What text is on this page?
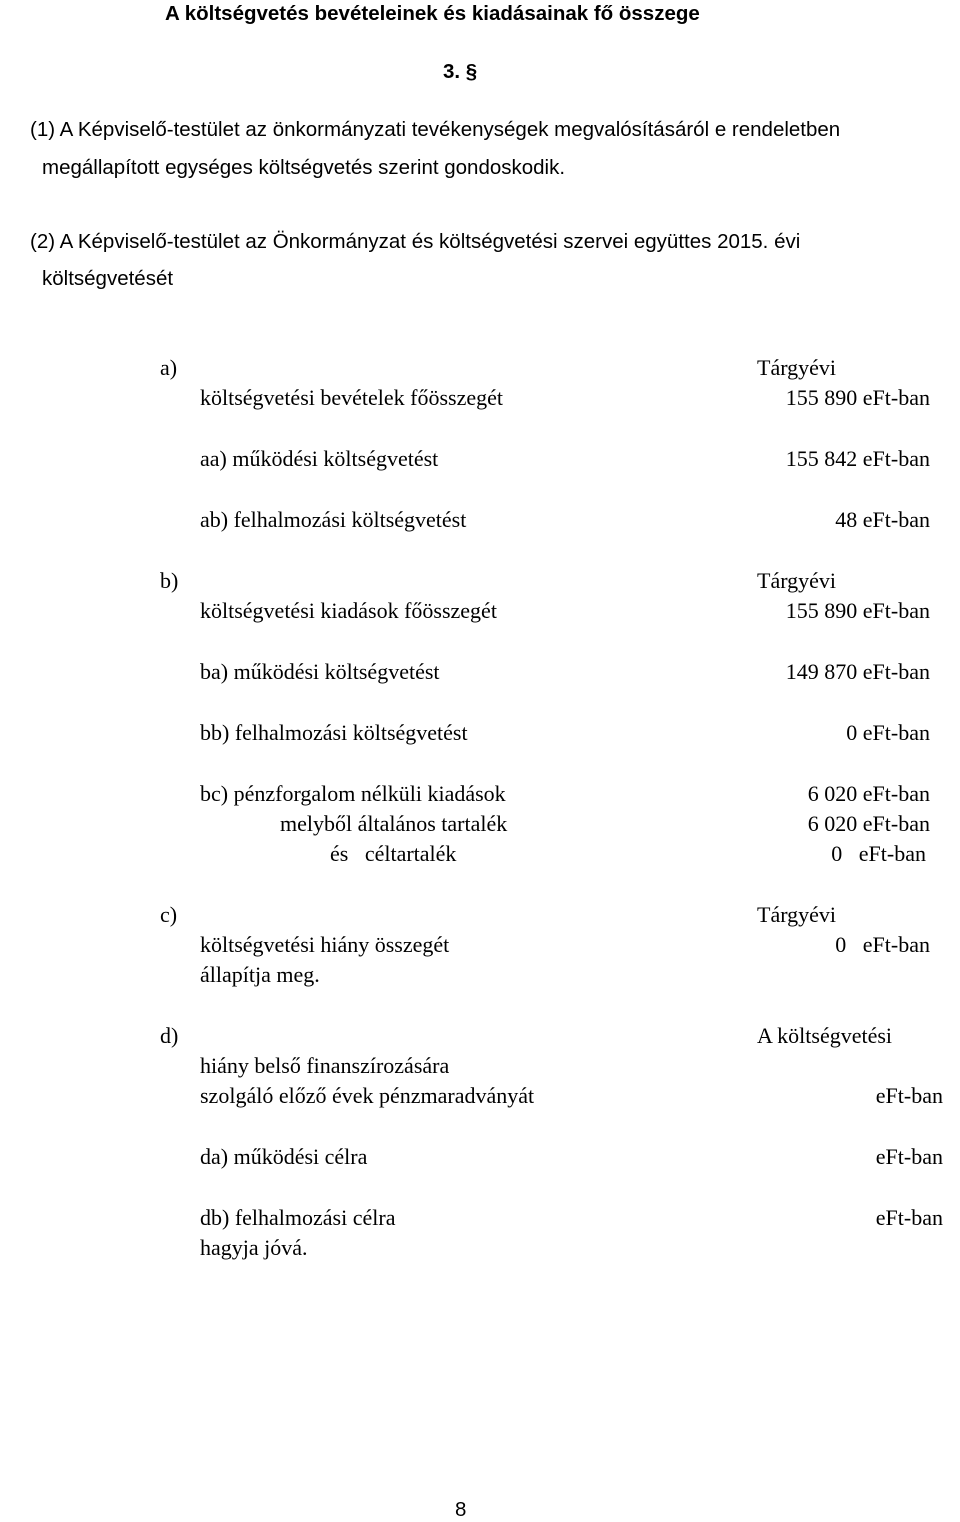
A költségvetés bevételeinek és kiadásainak fő összege
3. §
(1) A Képviselő-testület az önkormányzati tevékenységek megvalósításáról e rendeletben
megállapított egységes költségvetés szerint gondoskodik.
(2) A Képviselő-testület az Önkormányzat és költségvetési szervei együttes 2015. évi
költségvetését
a)	Tárgyévi
költségvetési bevételek főösszegét	155 890 eFt-ban
aa) működési költségvetést	155 842 eFt-ban
ab) felhalmozási költségvetést	48 eFt-ban
b)	Tárgyévi
költségvetési kiadások főösszegét	155 890 eFt-ban
ba) működési költségvetést	149 870 eFt-ban
bb) felhalmozási költségvetést	0 eFt-ban
bc) pénzforgalom nélküli kiadások	6 020 eFt-ban
melyből általános tartalék	6 020 eFt-ban
és   céltartalék	0   eFt-ban
c)	Tárgyévi
költségvetési hiány összegét	0   eFt-ban
állapítja meg.
d)	A költségvetési
hiány belső finanszírozására
szolgáló előző évek pénzmaradványát	eFt-ban
da) működési célra	eFt-ban
db) felhalmozási célra	eFt-ban
hagyja jóvá.
8
